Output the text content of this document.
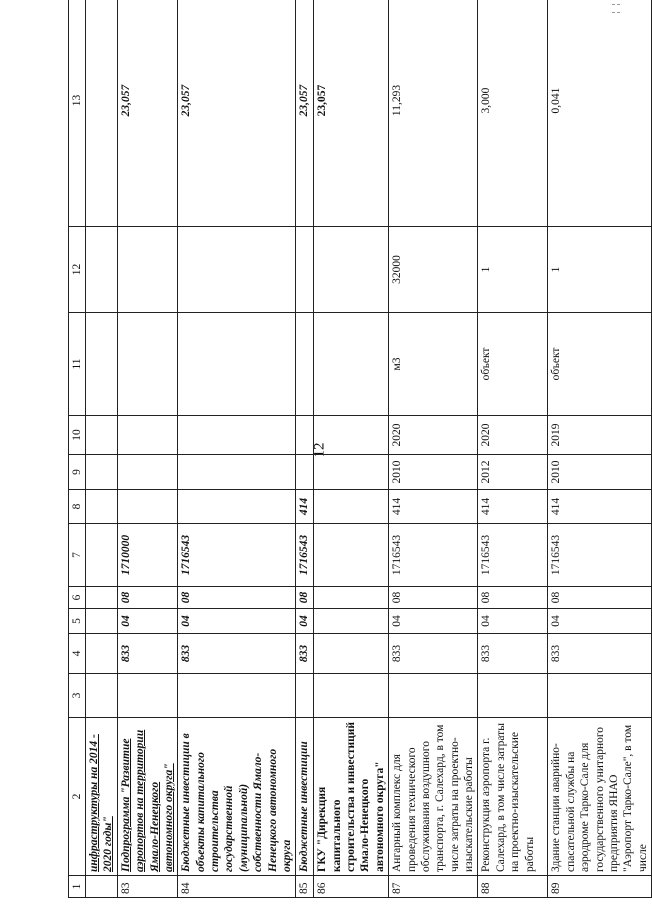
12
1	2	3	4	5	6	7	8	9	10	11	12	13
	инфраструктуры на 2014 - 2020 годы"											
83	Подпрограмма "Развитие аэропортов на территории Ямало-Ненецкого автономного округа"		833	04	08	1710000						23,057
84	Бюджетные инвестиции в объекты капитального строительства государственной (муниципальной) собственности Ямало-Ненецкого автономного округа		833	04	08	1716543						23,057
85	Бюджетные инвестиции		833	04	08	1716543	414					23,057
86	ГКУ "Дирекция капитального строительства и инвестиций Ямало-Ненецкого автономного округа"											23,057
87	Ангарный комплекс для проведения технического обслуживания воздушного транспорта, г. Салехард, в том числе затраты на проектно-изыскательские работы		833	04	08	1716543	414	2010	2020	м3	32000	11,293
88	Реконструкция аэропорта г. Салехард, в том числе затраты на проектно-изыскательские работы		833	04	08	1716543	414	2012	2020	объект	1	3,000
89	Здание станции аварийно-спасательной службы на аэродроме Тарко-Сале для государственного унитарного предприятия ЯНАО "Аэропорт Тарко-Сале", в том числе		833	04	08	1716543	414	2010	2019	объект	1	0,041
